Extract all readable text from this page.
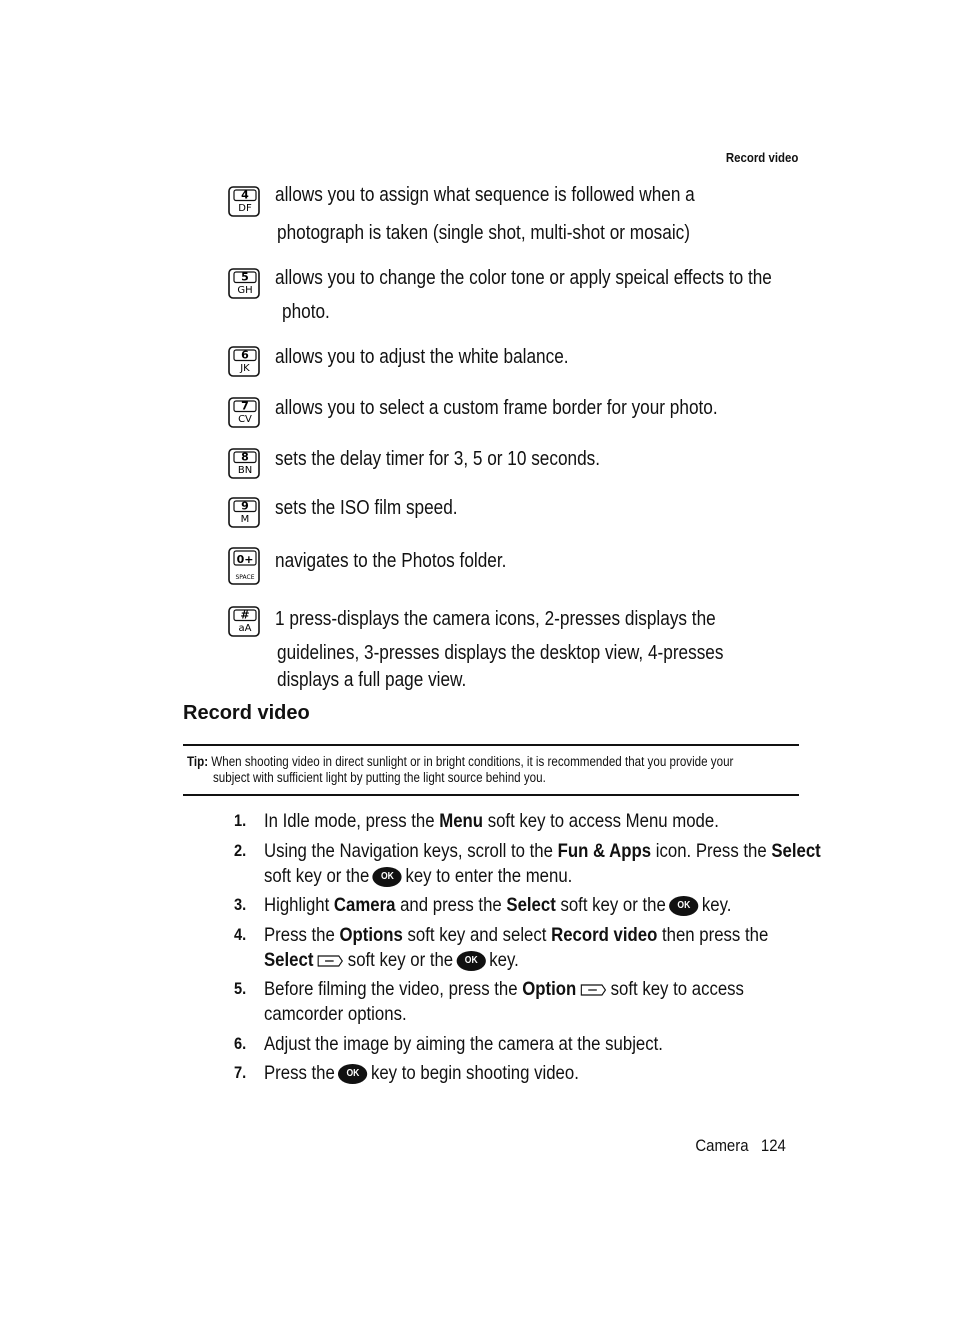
Record video
4
DF
allows you to assign what sequence is followed when a
photograph is taken (single shot, multi-shot or mosaic)
5
GH
allows you to change the color tone or apply speical effects to the
photo.
6
JK
allows you to adjust the white balance.
7
CV
allows you to select a custom frame border for your photo.
8
BN
sets the delay timer for 3, 5 or 10 seconds.
9
M
sets the ISO film speed.
0+
SPACE
navigates to the Photos folder.
#
aA 1 press-displays the camera icons, 2-presses displays the
guidelines, 3-presses displays the desktop view, 4-presses
displays a full page view.
Record video
Tip: When shooting video in direct sunlight or in bright conditions, it is recommended that you provide your
subject with sufficient light by putting the light source behind you.
1. In Idle mode, press the Menu soft key to access Menu mode.
2. Using the Navigation keys, scroll to the Fun & Apps icon. Press the Select
soft key or the OK key to enter the menu.
3. Highlight Camera and press the Select soft key or the OK key.
4. Press the Options soft key and select Record video then press the
Select soft key or the OK key.
5. Before filming the video, press the Option soft key to access
camcorder options.
6. Adjust the image by aiming the camera at the subject.
7. Press the OK key to begin shooting video.
Camera 124
